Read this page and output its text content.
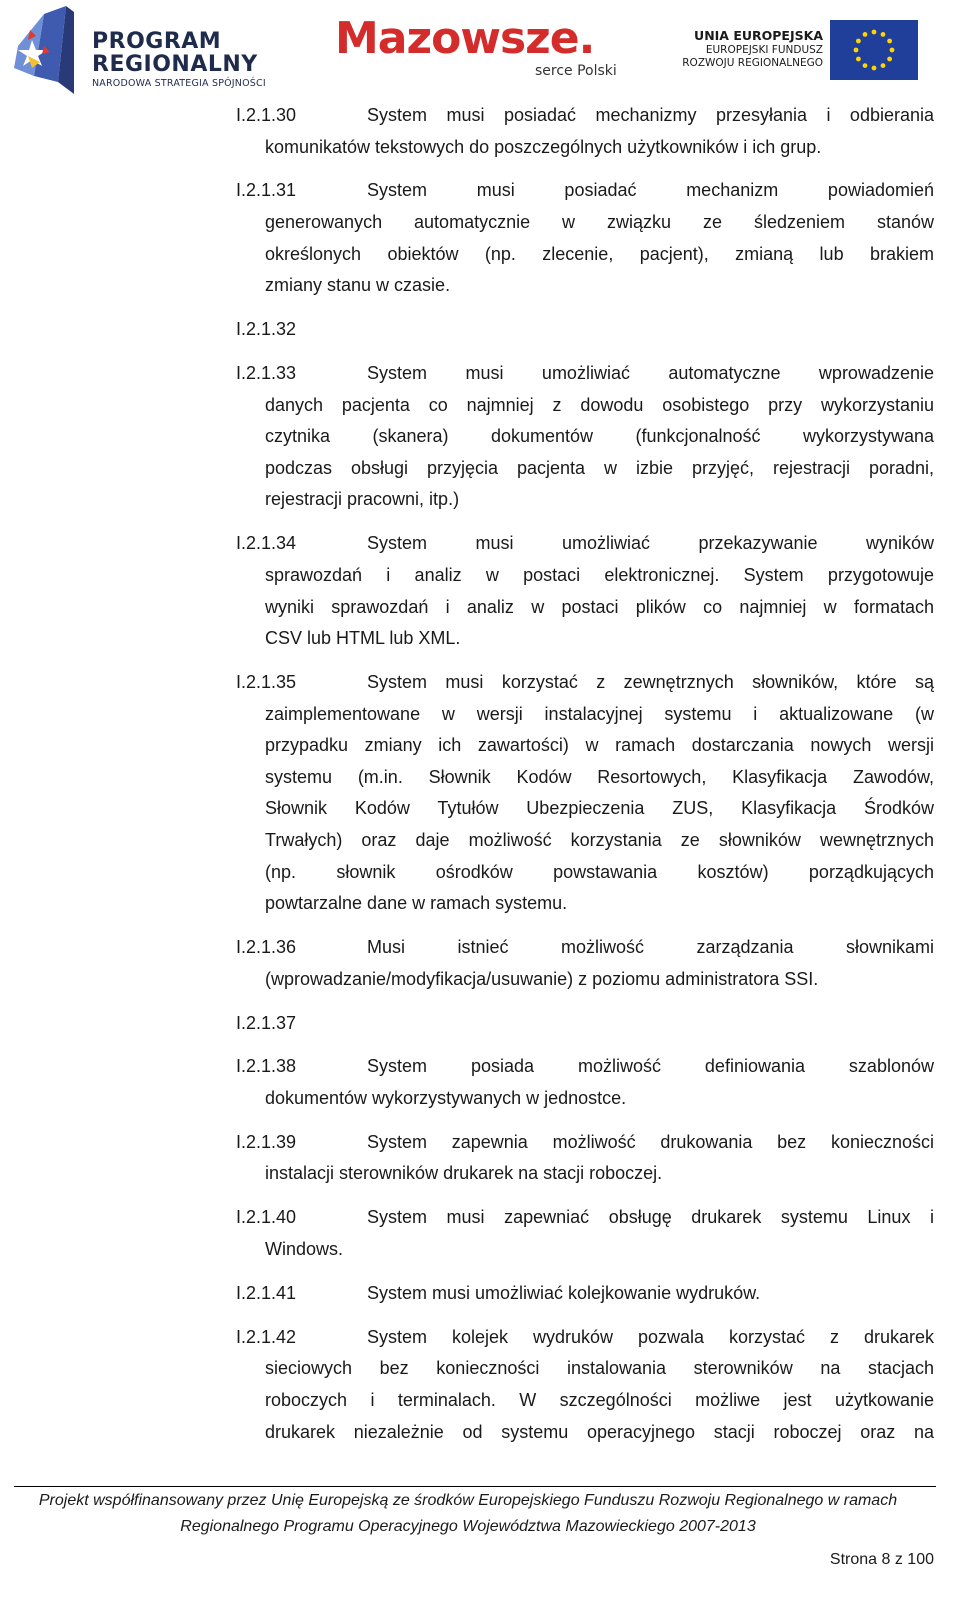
PROGRAM
REGIONALNY
NARODOWA STRATEGIA SPÓJNOŚCI
Mazowsze.
serce Polski
UNIA EUROPEJSKA
EUROPEJSKI FUNDUSZ
ROZWOJU REGIONALNEGO
I.2.1.30	System musi posiadać mechanizmy przesyłania i odbierania
komunikatów tekstowych do poszczególnych użytkowników i ich grup.
I.2.1.31	System musi posiadać mechanizm powiadomień
generowanych automatycznie w związku ze śledzeniem stanów
określonych obiektów (np. zlecenie, pacjent), zmianą lub brakiem
zmiany stanu w czasie.
I.2.1.32
I.2.1.33	System musi umożliwiać automatyczne wprowadzenie
danych pacjenta co najmniej z dowodu osobistego przy wykorzystaniu
czytnika (skanera) dokumentów (funkcjonalność wykorzystywana
podczas obsługi przyjęcia pacjenta w izbie przyjęć, rejestracji poradni,
rejestracji pracowni, itp.)
I.2.1.34	System musi umożliwiać przekazywanie wyników
sprawozdań i analiz w postaci elektronicznej. System przygotowuje
wyniki sprawozdań i analiz w postaci plików co najmniej w formatach
CSV lub HTML lub XML.
I.2.1.35	System musi korzystać z zewnętrznych słowników, które są
zaimplementowane w wersji instalacyjnej systemu i aktualizowane (w
przypadku zmiany ich zawartości) w ramach dostarczania nowych wersji
systemu (m.in. Słownik Kodów Resortowych, Klasyfikacja Zawodów,
Słownik Kodów Tytułów Ubezpieczenia ZUS, Klasyfikacja Środków
Trwałych) oraz daje możliwość korzystania ze słowników wewnętrznych
(np. słownik ośrodków powstawania kosztów) porządkujących
powtarzalne dane w ramach systemu.
I.2.1.36	Musi istnieć możliwość zarządzania słownikami
(wprowadzanie/modyfikacja/usuwanie) z poziomu administratora SSI.
I.2.1.37
I.2.1.38	System posiada możliwość definiowania szablonów
dokumentów wykorzystywanych w jednostce.
I.2.1.39	System zapewnia możliwość drukowania bez konieczności
instalacji sterowników drukarek na stacji roboczej.
I.2.1.40	System musi zapewniać obsługę drukarek systemu Linux i
Windows.
I.2.1.41	System musi umożliwiać kolejkowanie wydruków.
I.2.1.42	System kolejek wydruków pozwala korzystać z drukarek
sieciowych bez konieczności instalowania sterowników na stacjach
roboczych i terminalach. W szczególności możliwe jest użytkowanie
drukarek niezależnie od systemu operacyjnego stacji roboczej oraz na
Projekt współfinansowany przez Unię Europejską ze środków Europejskiego Funduszu Rozwoju Regionalnego w ramach
Regionalnego Programu Operacyjnego Województwa Mazowieckiego 2007-2013
Strona 8 z 100
